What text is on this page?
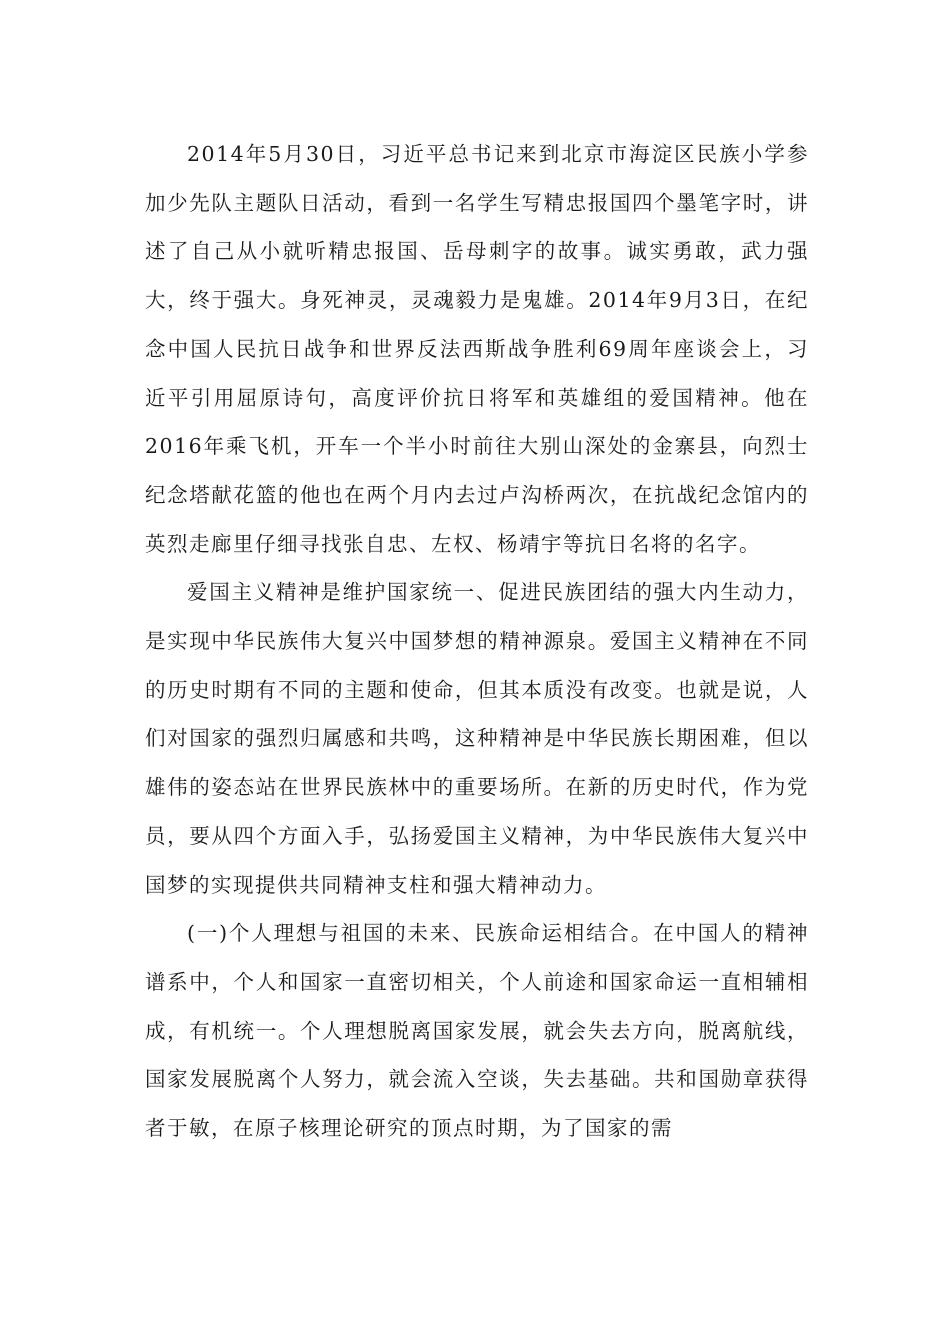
2014年5月30日，习近平总书记来到北京市海淀区民族小学参加少先队主题队日活动，看到一名学生写精忠报国四个墨笔字时，讲述了自己从小就听精忠报国、岳母刺字的故事。诚实勇敢，武力强大，终于强大。身死神灵，灵魂毅力是鬼雄。2014年9月3日，在纪念中国人民抗日战争和世界反法西斯战争胜利69周年座谈会上，习近平引用屈原诗句，高度评价抗日将军和英雄组的爱国精神。他在2016年乘飞机，开车一个半小时前往大别山深处的金寨县，向烈士纪念塔献花篮的他也在两个月内去过卢沟桥两次，在抗战纪念馆内的英烈走廊里仔细寻找张自忠、左权、杨靖宇等抗日名将的名字。

爱国主义精神是维护国家统一、促进民族团结的强大内生动力，是实现中华民族伟大复兴中国梦想的精神源泉。爱国主义精神在不同的历史时期有不同的主题和使命，但其本质没有改变。也就是说，人们对国家的强烈归属感和共鸣，这种精神是中华民族长期困难，但以雄伟的姿态站在世界民族林中的重要场所。在新的历史时代，作为党员，要从四个方面入手，弘扬爱国主义精神，为中华民族伟大复兴中国梦的实现提供共同精神支柱和强大精神动力。

(一)个人理想与祖国的未来、民族命运相结合。在中国人的精神谱系中，个人和国家一直密切相关，个人前途和国家命运一直相辅相成，有机统一。个人理想脱离国家发展，就会失去方向，脱离航线，国家发展脱离个人努力，就会流入空谈，失去基础。共和国勋章获得者于敏，在原子核理论研究的顶点时期，为了国家的需
